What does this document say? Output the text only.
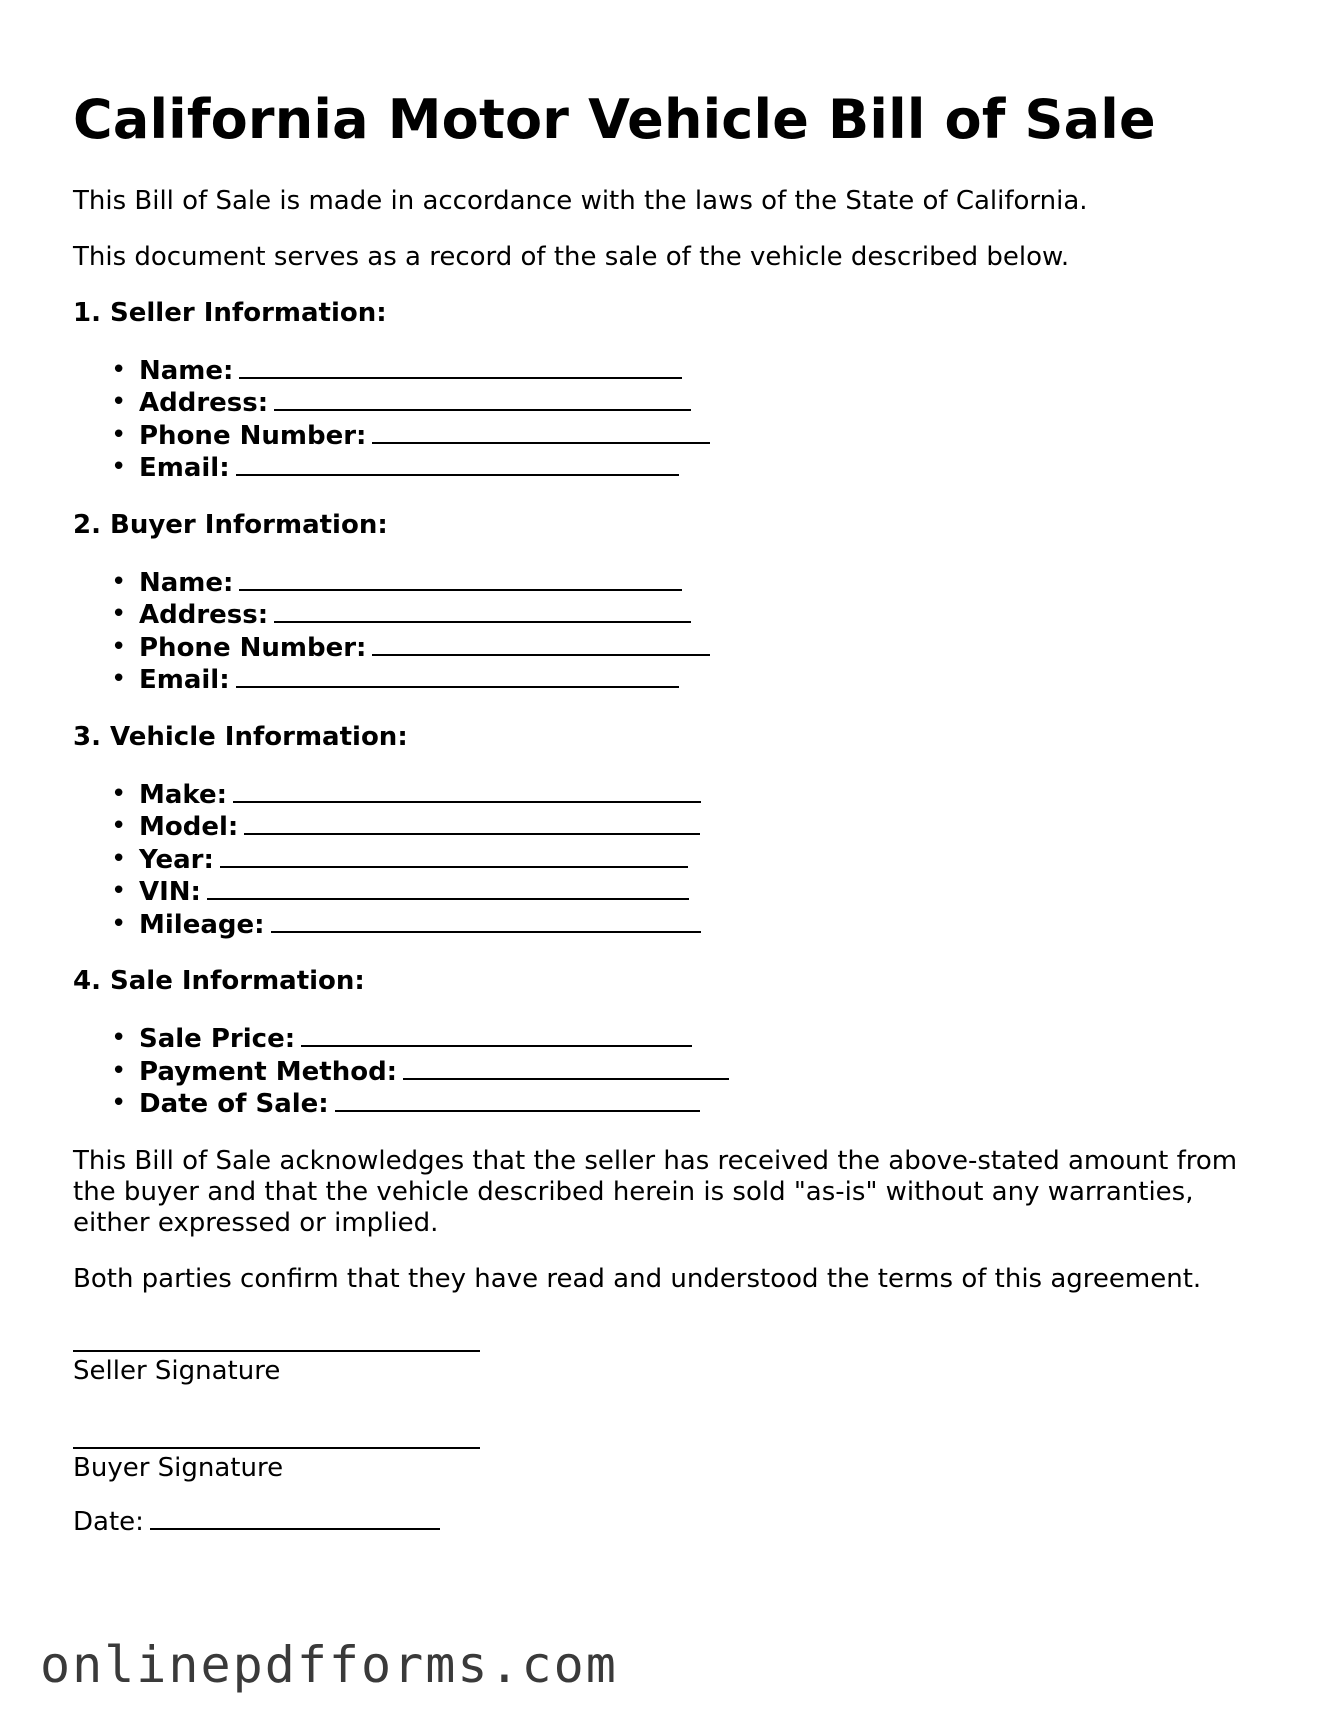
California Motor Vehicle Bill of Sale

This Bill of Sale is made in accordance with the laws of the State of California.

This document serves as a record of the sale of the vehicle described below.

1. Seller Information:

• Name:
• Address:
• Phone Number:
• Email:

2. Buyer Information:

• Name:
• Address:
• Phone Number:
• Email:

3. Vehicle Information:

• Make:
• Model:
• Year:
• VIN:
• Mileage:

4. Sale Information:

• Sale Price:
• Payment Method:
• Date of Sale:

This Bill of Sale acknowledges that the seller has received the above-stated amount from the buyer and that the vehicle described herein is sold "as-is" without any warranties, either expressed or implied.

Both parties confirm that they have read and understood the terms of this agreement.

Seller Signature
Buyer Signature
Date:
onlinepdfforms.com
